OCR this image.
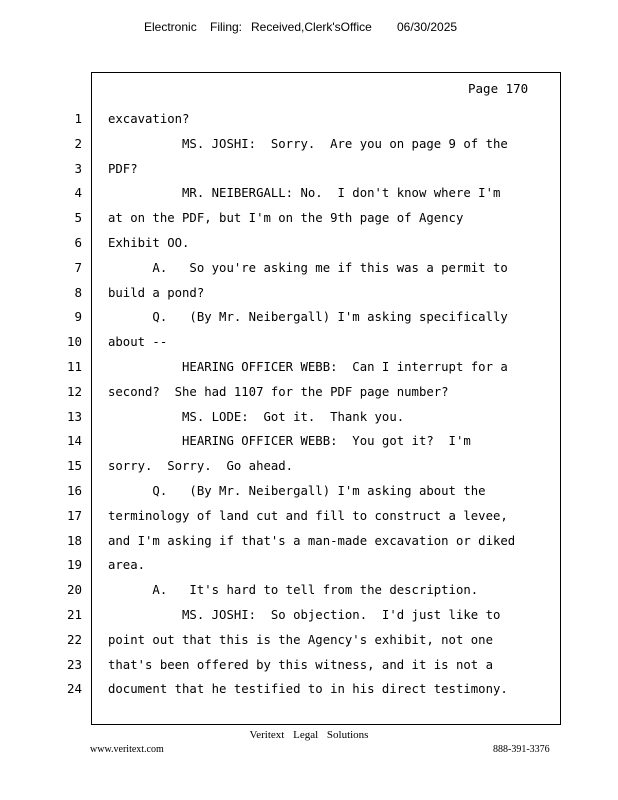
Electronic Filing: Received,Clerk'sOffice 06/30/2025
Page 170
1 excavation?
2 MS. JOSHI:  Sorry.  Are you on page 9 of the
3 PDF?
4 MR. NEIBERGALL: No.  I don't know where I'm
5 at on the PDF, but I'm on the 9th page of Agency
6 Exhibit OO.
7 A.   So you're asking me if this was a permit to
8 build a pond?
9 Q.   (By Mr. Neibergall) I'm asking specifically
10 about --
11 HEARING OFFICER WEBB:  Can I interrupt for a
12 second?  She had 1107 for the PDF page number?
13 MS. LODE:  Got it.  Thank you.
14 HEARING OFFICER WEBB:  You got it?  I'm
15 sorry.  Sorry.  Go ahead.
16 Q.   (By Mr. Neibergall) I'm asking about the
17 terminology of land cut and fill to construct a levee,
18 and I'm asking if that's a man-made excavation or diked
19 area.
20 A.   It's hard to tell from the description.
21 MS. JOSHI:  So objection.  I'd just like to
22 point out that this is the Agency's exhibit, not one
23 that's been offered by this witness, and it is not a
24 document that he testified to in his direct testimony.
Veritext Legal Solutions
www.veritext.com	888-391-3376
